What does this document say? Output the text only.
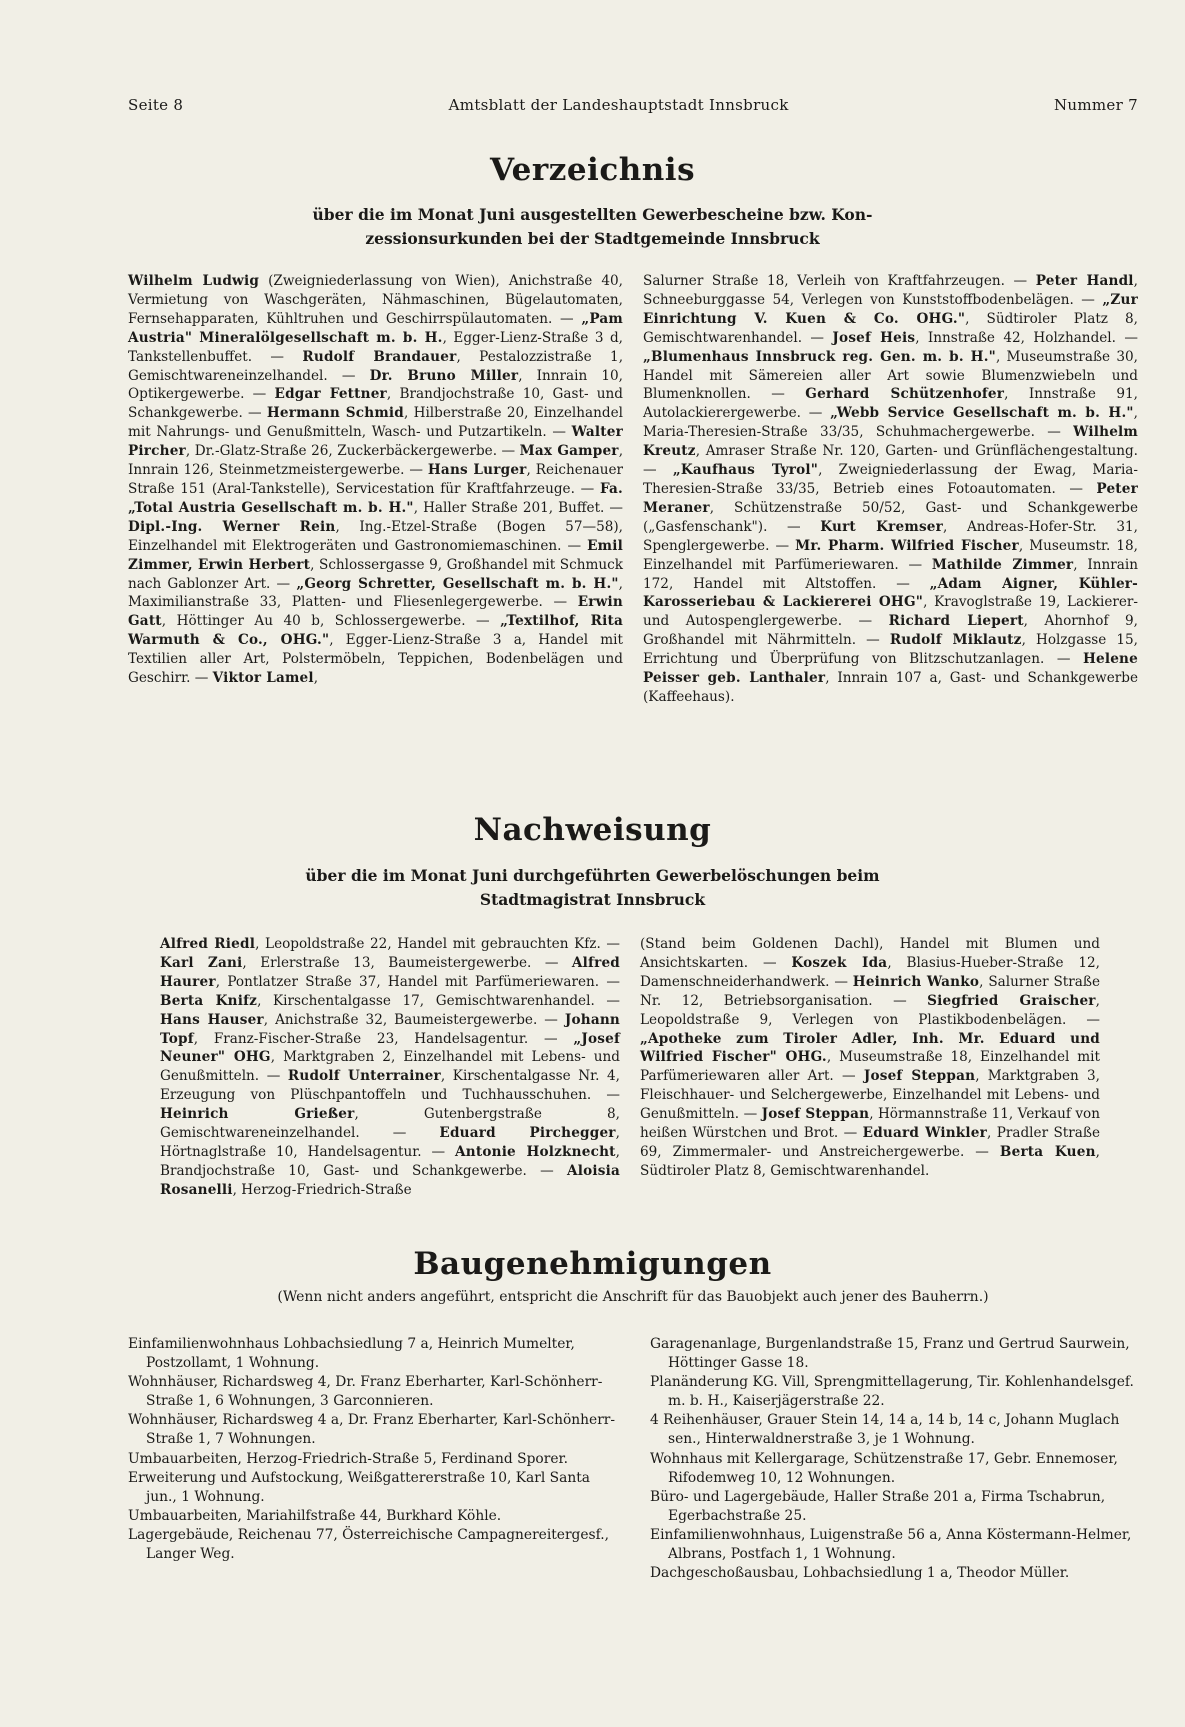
Seite 8	Amtsblatt der Landeshauptstadt Innsbruck	Nummer 7
Verzeichnis
über die im Monat Juni ausgestellten Gewerbescheine bzw. Kon-
zessionsurkunden bei der Stadtgemeinde Innsbruck

Wilhelm Ludwig (Zweigniederlassung von Wien), Anichstraße 40, Vermietung von Waschgeräten, Nähmaschinen, Bügelautomaten, Fernsehapparaten, Kühltruhen und Geschirrspülautomaten. — „Pam Austria" Mineralölgesellschaft m. b. H., Egger-Lienz-Straße 3 d, Tankstellenbuffet. — Rudolf Brandauer, Pestalozzistraße 1, Gemischtwareneinzelhandel. — Dr. Bruno Miller, Innrain 10, Optikergewerbe. — Edgar Fettner, Brandjochstraße 10, Gast- und Schankgewerbe. — Hermann Schmid, Hilberstraße 20, Einzelhandel mit Nahrungs- und Genußmitteln, Wasch- und Putzartikeln. — Walter Pircher, Dr.-Glatz-Straße 26, Zuckerbäckergewerbe. — Max Gamper, Innrain 126, Steinmetzmeistergewerbe. — Hans Lurger, Reichenauer Straße 151 (Aral-Tankstelle), Servicestation für Kraftfahrzeuge. — Fa. „Total Austria Gesellschaft m. b. H.", Haller Straße 201, Buffet. — Dipl.-Ing. Werner Rein, Ing.-Etzel-Straße (Bogen 57—58), Einzelhandel mit Elektrogeräten und Gastronomiemaschinen. — Emil Zimmer, Erwin Herbert, Schlossergasse 9, Großhandel mit Schmuck nach Gablonzer Art. — „Georg Schretter, Gesellschaft m. b. H.", Maximilianstraße 33, Platten- und Fliesenlegergewerbe. — Erwin Gatt, Höttinger Au 40 b, Schlossergewerbe. — „Textilhof, Rita Warmuth & Co., OHG.", Egger-Lienz-Straße 3 a, Handel mit Textilien aller Art, Polstermöbeln, Teppichen, Bodenbelägen und Geschirr. — Viktor Lamel,

Salurner Straße 18, Verleih von Kraftfahrzeugen. — Peter Handl, Schneeburggasse 54, Verlegen von Kunststoffbodenbelägen. — „Zur Einrichtung V. Kuen & Co. OHG.", Südtiroler Platz 8, Gemischtwarenhandel. — Josef Heis, Innstraße 42, Holzhandel. — „Blumenhaus Innsbruck reg. Gen. m. b. H.", Museumstraße 30, Handel mit Sämereien aller Art sowie Blumenzwiebeln und Blumenknollen. — Gerhard Schützenhofer, Innstraße 91, Autolackierergewerbe. — „Webb Service Gesellschaft m. b. H.", Maria-Theresien-Straße 33/35, Schuhmachergewerbe. — Wilhelm Kreutz, Amraser Straße Nr. 120, Garten- und Grünflächengestaltung. — „Kaufhaus Tyrol", Zweigniederlassung der Ewag, Maria-Theresien-Straße 33/35, Betrieb eines Fotoautomaten. — Peter Meraner, Schützenstraße 50/52, Gast- und Schankgewerbe („Gasfenschank"). — Kurt Kremser, Andreas-Hofer-Str. 31, Spenglergewerbe. — Mr. Pharm. Wilfried Fischer, Museumstr. 18, Einzelhandel mit Parfümeriewaren. — Mathilde Zimmer, Innrain 172, Handel mit Altstoffen. — „Adam Aigner, Kühler-Karosseriebau & Lackiererei OHG", Kravoglstraße 19, Lackierer- und Autospenglergewerbe. — Richard Liepert, Ahornhof 9, Großhandel mit Nährmitteln. — Rudolf Miklautz, Holzgasse 15, Errichtung und Überprüfung von Blitzschutzanlagen. — Helene Peisser geb. Lanthaler, Innrain 107 a, Gast- und Schankgewerbe (Kaffeehaus).

Nachweisung
über die im Monat Juni durchgeführten Gewerbelöschungen beim
Stadtmagistrat Innsbruck

Alfred Riedl, Leopoldstraße 22, Handel mit gebrauchten Kfz. — Karl Zani, Erlerstraße 13, Baumeistergewerbe. — Alfred Haurer, Pontlatzer Straße 37, Handel mit Parfümeriewaren. — Berta Knifz, Kirschentalgasse 17, Gemischtwarenhandel. — Hans Hauser, Anichstraße 32, Baumeistergewerbe. — Johann Topf, Franz-Fischer-Straße 23, Handelsagentur. — „Josef Neuner" OHG, Marktgraben 2, Einzelhandel mit Lebens- und Genußmitteln. — Rudolf Unterrainer, Kirschentalgasse Nr. 4, Erzeugung von Plüschpantoffeln und Tuchhausschuhen. — Heinrich Grießer, Gutenbergstraße 8, Gemischtwareneinzelhandel. — Eduard Pirchegger, Hörtnaglstraße 10, Handelsagentur. — Antonie Holzknecht, Brandjochstraße 10, Gast- und Schankgewerbe. — Aloisia Rosanelli, Herzog-Friedrich-Straße

(Stand beim Goldenen Dachl), Handel mit Blumen und Ansichtskarten. — Koszek Ida, Blasius-Hueber-Straße 12, Damenschneiderhandwerk. — Heinrich Wanko, Salurner Straße Nr. 12, Betriebsorganisation. — Siegfried Graischer, Leopoldstraße 9, Verlegen von Plastikbodenbelägen. — „Apotheke zum Tiroler Adler, Inh. Mr. Eduard und Wilfried Fischer" OHG., Museumstraße 18, Einzelhandel mit Parfümeriewaren aller Art. — Josef Steppan, Marktgraben 3, Fleischhauer- und Selchergewerbe, Einzelhandel mit Lebens- und Genußmitteln. — Josef Steppan, Hörmannstraße 11, Verkauf von heißen Würstchen und Brot. — Eduard Winkler, Pradler Straße 69, Zimmermaler- und Anstreichergewerbe. — Berta Kuen, Südtiroler Platz 8, Gemischtwarenhandel.

Baugenehmigungen
(Wenn nicht anders angeführt, entspricht die Anschrift für das Bauobjekt auch jener des Bauherrn.)

Einfamilienwohnhaus Lohbachsiedlung 7 a, Heinrich Mumelter, Postzollamt, 1 Wohnung.

Wohnhäuser, Richardsweg 4, Dr. Franz Eberharter, Karl-Schönherr-Straße 1, 6 Wohnungen, 3 Garconnieren.

Wohnhäuser, Richardsweg 4 a, Dr. Franz Eberharter, Karl-Schönherr-Straße 1, 7 Wohnungen.

Umbauarbeiten, Herzog-Friedrich-Straße 5, Ferdinand Sporer.

Erweiterung und Aufstockung, Weißgattererstraße 10, Karl Santa jun., 1 Wohnung.

Umbauarbeiten, Mariahilfstraße 44, Burkhard Köhle.

Lagergebäude, Reichenau 77, Österreichische Campagnereitergesf., Langer Weg.

Garagenanlage, Burgenlandstraße 15, Franz und Gertrud Saurwein, Höttinger Gasse 18.

Planänderung KG. Vill, Sprengmittellagerung, Tir. Kohlenhandelsgef. m. b. H., Kaiserjägerstraße 22.

4 Reihenhäuser, Grauer Stein 14, 14 a, 14 b, 14 c, Johann Muglach sen., Hinterwaldnerstraße 3, je 1 Wohnung.

Wohnhaus mit Kellergarage, Schützenstraße 17, Gebr. Ennemoser, Rifodemweg 10, 12 Wohnungen.

Büro- und Lagergebäude, Haller Straße 201 a, Firma Tschabrun, Egerbachstraße 25.

Einfamilienwohnhaus, Luigenstraße 56 a, Anna Köstermann-Helmer, Albrans, Postfach 1, 1 Wohnung.

Dachgeschoßausbau, Lohbachsiedlung 1 a, Theodor Müller.
